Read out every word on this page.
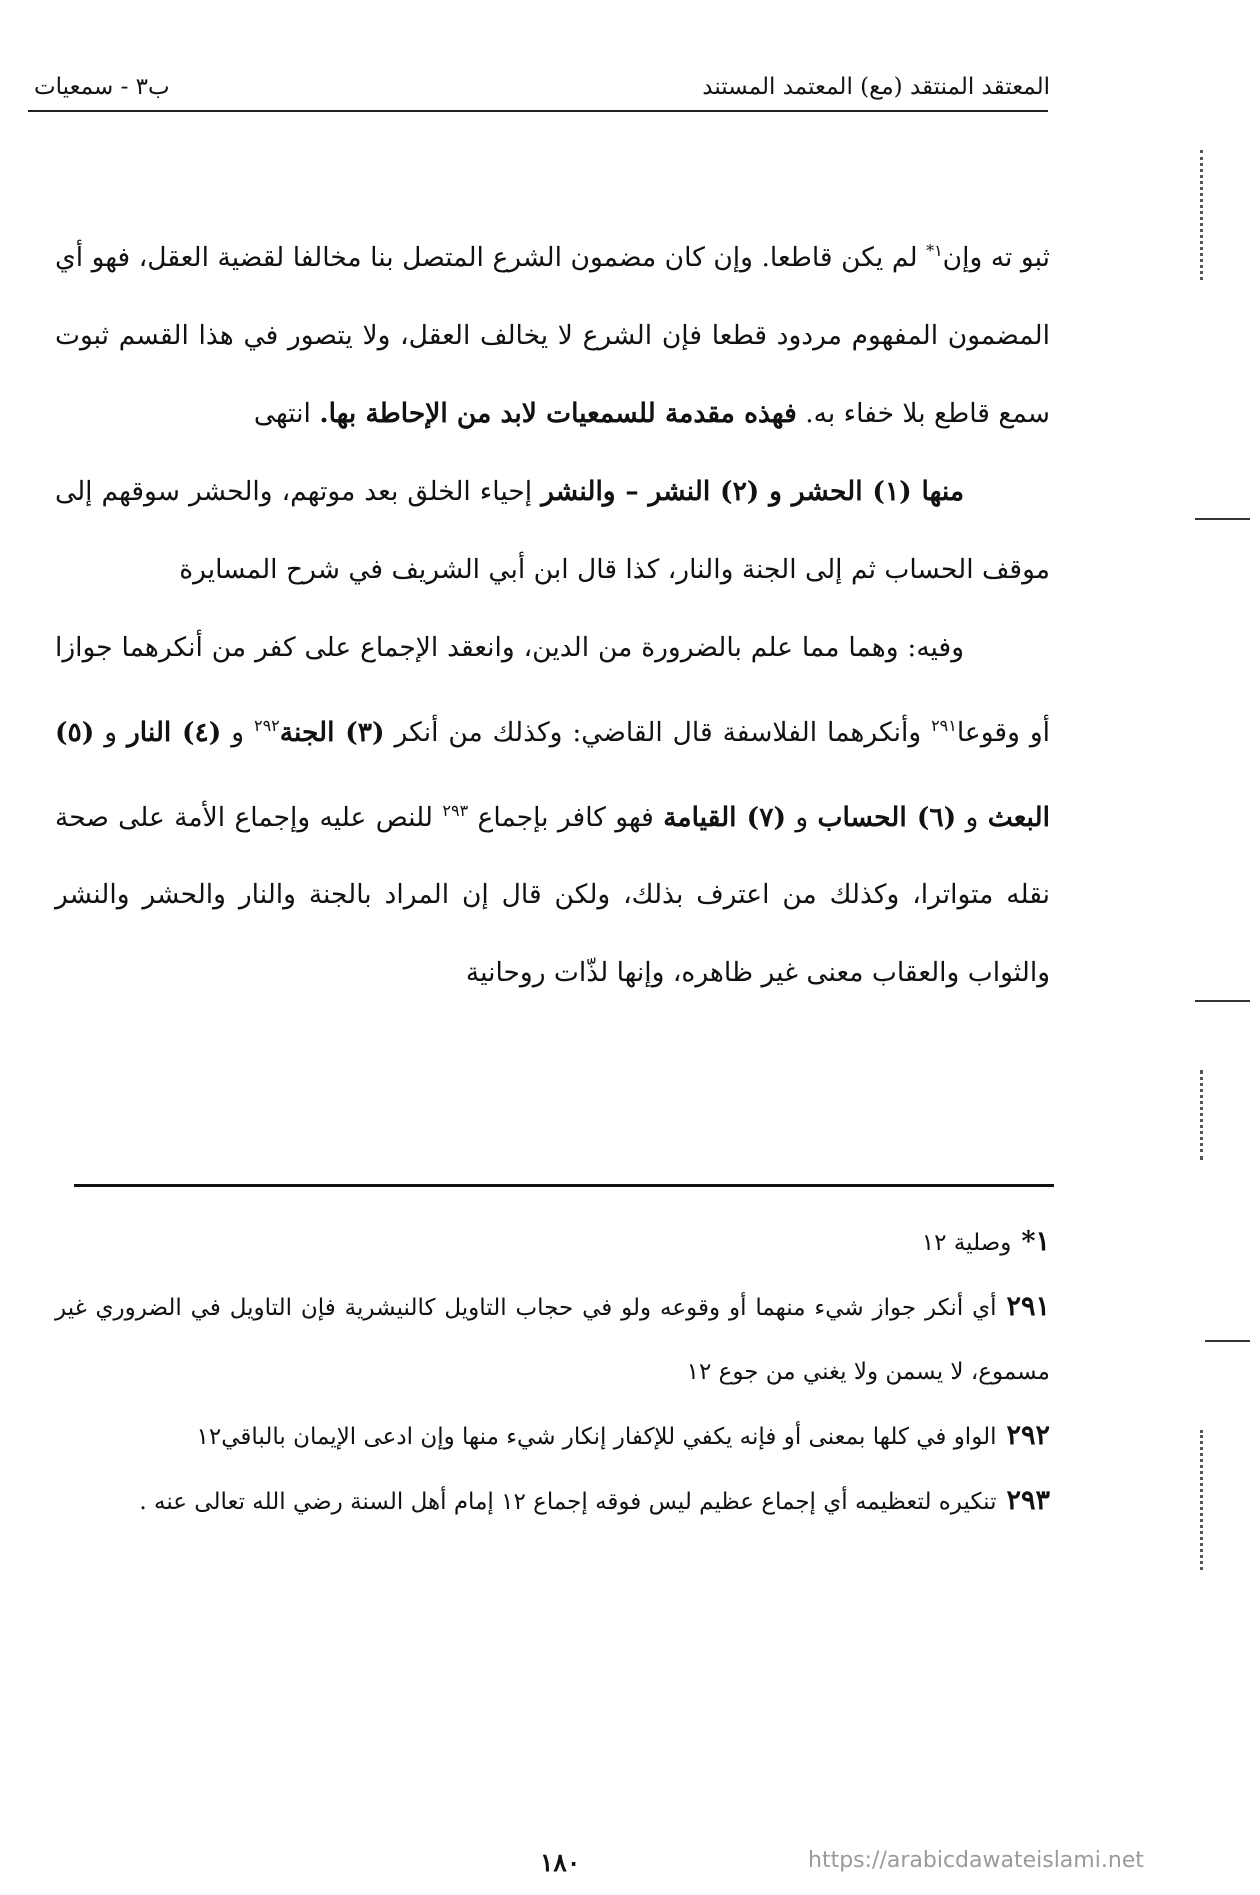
المعتقد المنتقد (مع) المعتمد المستند
ب٣ - سمعيات

ثبو ته وإن$^{١*}$ لم يكن قاطعا. وإن كان مضمون الشرع المتصل بنا مخالفا لقضية العقل، فهو أي المضمون المفهوم مردود قطعا فإن الشرع لا يخالف العقل، ولا يتصور في هذا القسم ثبوت سمع قاطع بلا خفاء به. فهذه مقدمة للسمعيات لابد من الإحاطة بها. انتهى

منها (١) الحشر و (٢) النشر – والنشر إحياء الخلق بعد موتهم، والحشر سوقهم إلى موقف الحساب ثم إلى الجنة والنار، كذا قال ابن أبي الشريف في شرح المسايرة

وفيه: وهما مما علم بالضرورة من الدين، وانعقد الإجماع على كفر من أنكرهما جوازا أو وقوعا$^{٢٩١}$ وأنكرهما الفلاسفة قال القاضي: وكذلك من أنكر (٣) الجنة$^{٢٩٢}$ و (٤) النار و (٥) البعث و (٦) الحساب و (٧) القيامة فهو كافر بإجماع $^{٢٩٣}$ للنص عليه وإجماع الأمة على صحة نقله متواترا، وكذلك من اعترف بذلك، ولكن قال إن المراد بالجنة والنار والحشر والنشر والثواب والعقاب معنى غير ظاهره، وإنها لذّات روحانية

١*وصلية ١٢

٢٩١أي أنكر جواز شيء منهما أو وقوعه ولو في حجاب التاويل كالنيشرية فإن التاويل في الضروري غير مسموع، لا يسمن ولا يغني من جوع ١٢

٢٩٢الواو في كلها بمعنى أو فإنه يكفي للإكفار إنكار شيء منها وإن ادعى الإيمان بالباقي١٢

٢٩٣تنكيره لتعظيمه أي إجماع عظيم ليس فوقه إجماع ١٢ إمام أهل السنة رضي الله تعالى عنه .

١٨٠	https://arabicdawateislami.net
